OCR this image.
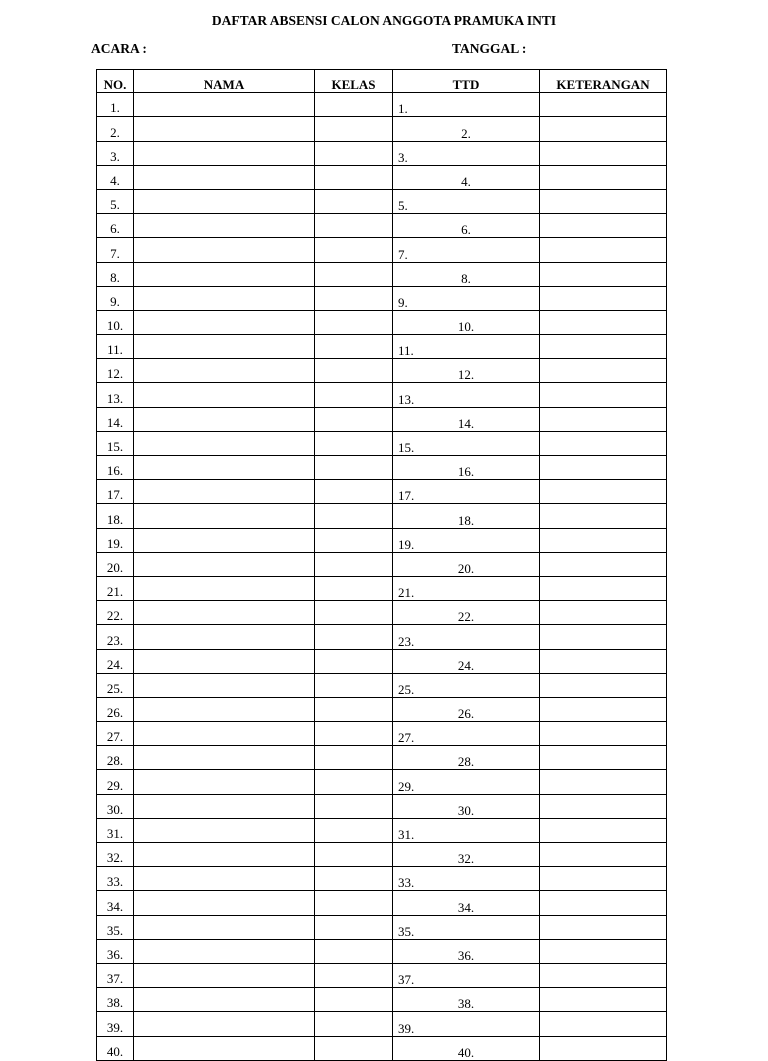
DAFTAR ABSENSI CALON ANGGOTA PRAMUKA INTI
ACARA :	TANGGAL :
NO.	NAMA	KELAS	TTD	KETERANGAN
1.			1.	
2.			2.	
3.			3.	
4.			4.	
5.			5.	
6.			6.	
7.			7.	
8.			8.	
9.			9.	
10.			10.	
11.			11.	
12.			12.	
13.			13.	
14.			14.	
15.			15.	
16.			16.	
17.			17.	
18.			18.	
19.			19.	
20.			20.	
21.			21.	
22.			22.	
23.			23.	
24.			24.	
25.			25.	
26.			26.	
27.			27.	
28.			28.	
29.			29.	
30.			30.	
31.			31.	
32.			32.	
33.			33.	
34.			34.	
35.			35.	
36.			36.	
37.			37.	
38.			38.	
39.			39.	
40.			40.	
